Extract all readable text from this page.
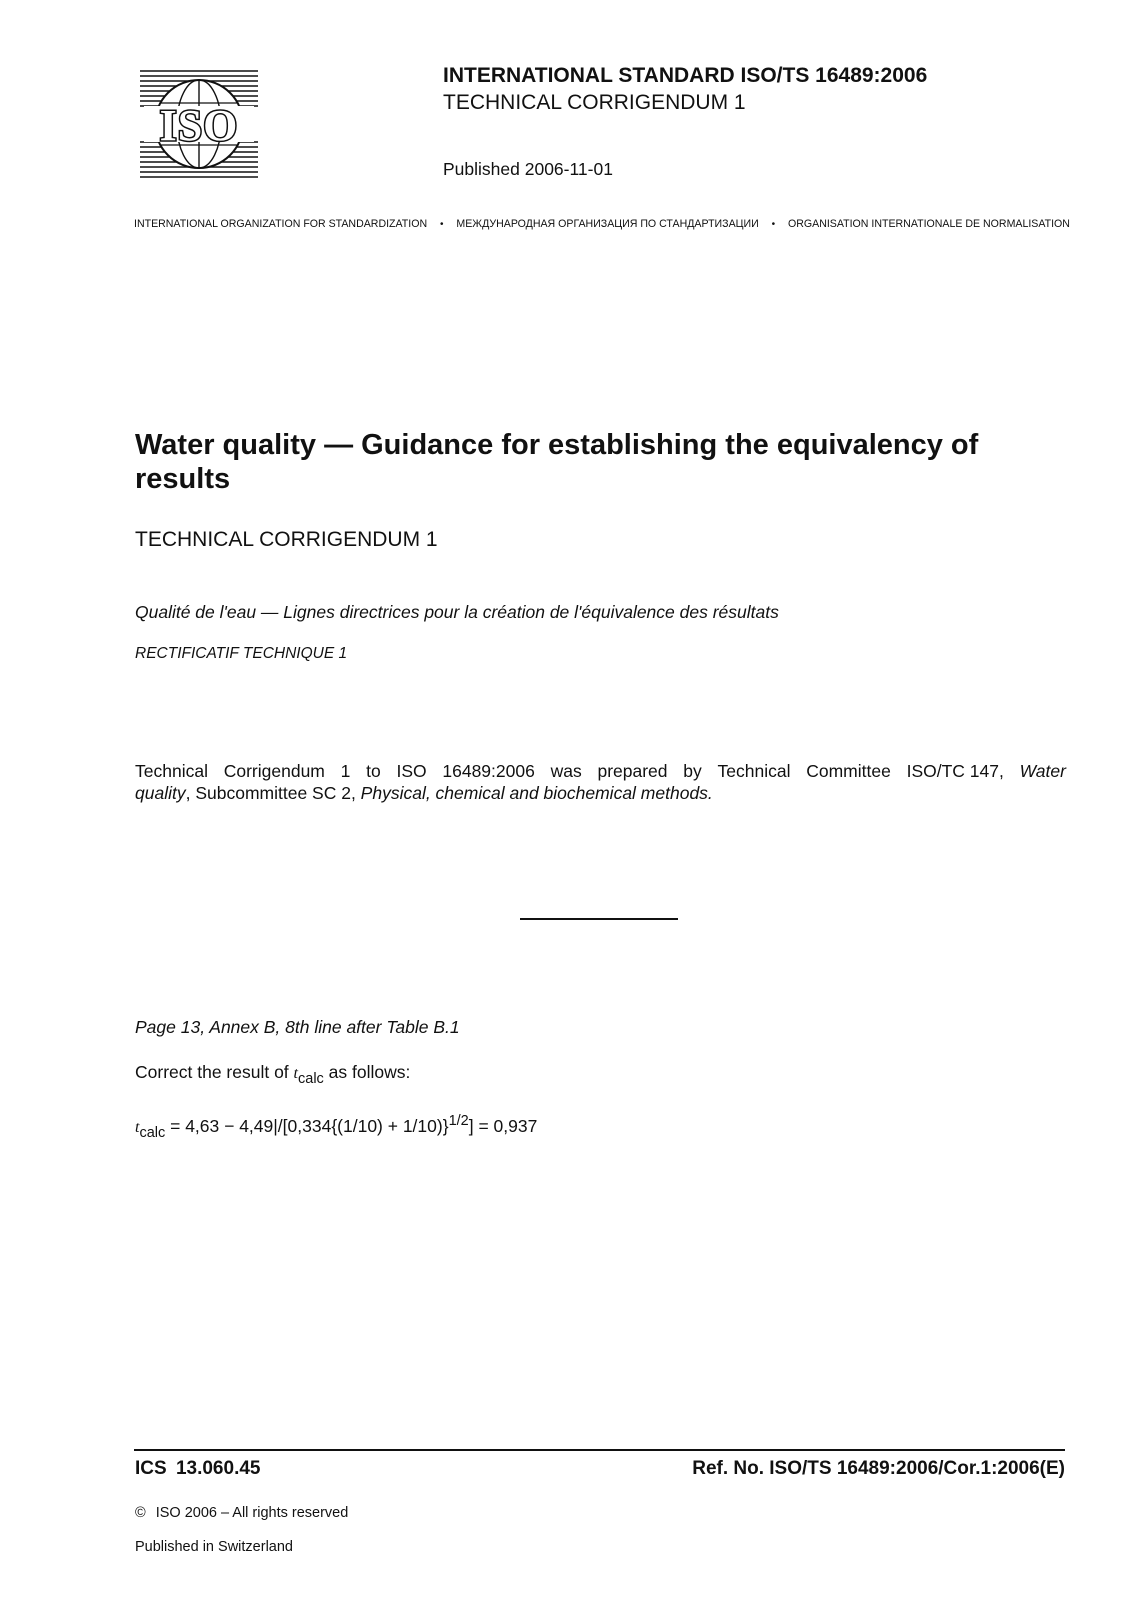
ISO
INTERNATIONAL STANDARD ISO/TS 16489:2006
TECHNICAL CORRIGENDUM 1
Published 2006-11-01
INTERNATIONAL ORGANIZATION FOR STANDARDIZATION • МЕЖДУНАРОДНАЯ ОРГАНИЗАЦИЯ ПО СТАНДАРТИЗАЦИИ • ORGANISATION INTERNATIONALE DE NORMALISATION
Water quality — Guidance for establishing the equivalency of results
TECHNICAL CORRIGENDUM 1
Qualité de l'eau — Lignes directrices pour la création de l'équivalence des résultats
RECTIFICATIF TECHNIQUE 1
Technical Corrigendum 1 to ISO 16489:2006 was prepared by Technical Committee ISO/TC 147, Water
quality, Subcommittee SC 2, Physical, chemical and biochemical methods.
Page 13, Annex B, 8th line after Table B.1
Correct the result of $t_{calc}$ as follows:
$t_{calc} = 4,63 - 4,49|/[0,334\{(1/10) + 1/10)\}^{1/2}] = 0,937$
ICS 13.060.45	Ref. No. ISO/TS 16489:2006/Cor.1:2006(E)
© ISO 2006 – All rights reserved
Published in Switzerland
